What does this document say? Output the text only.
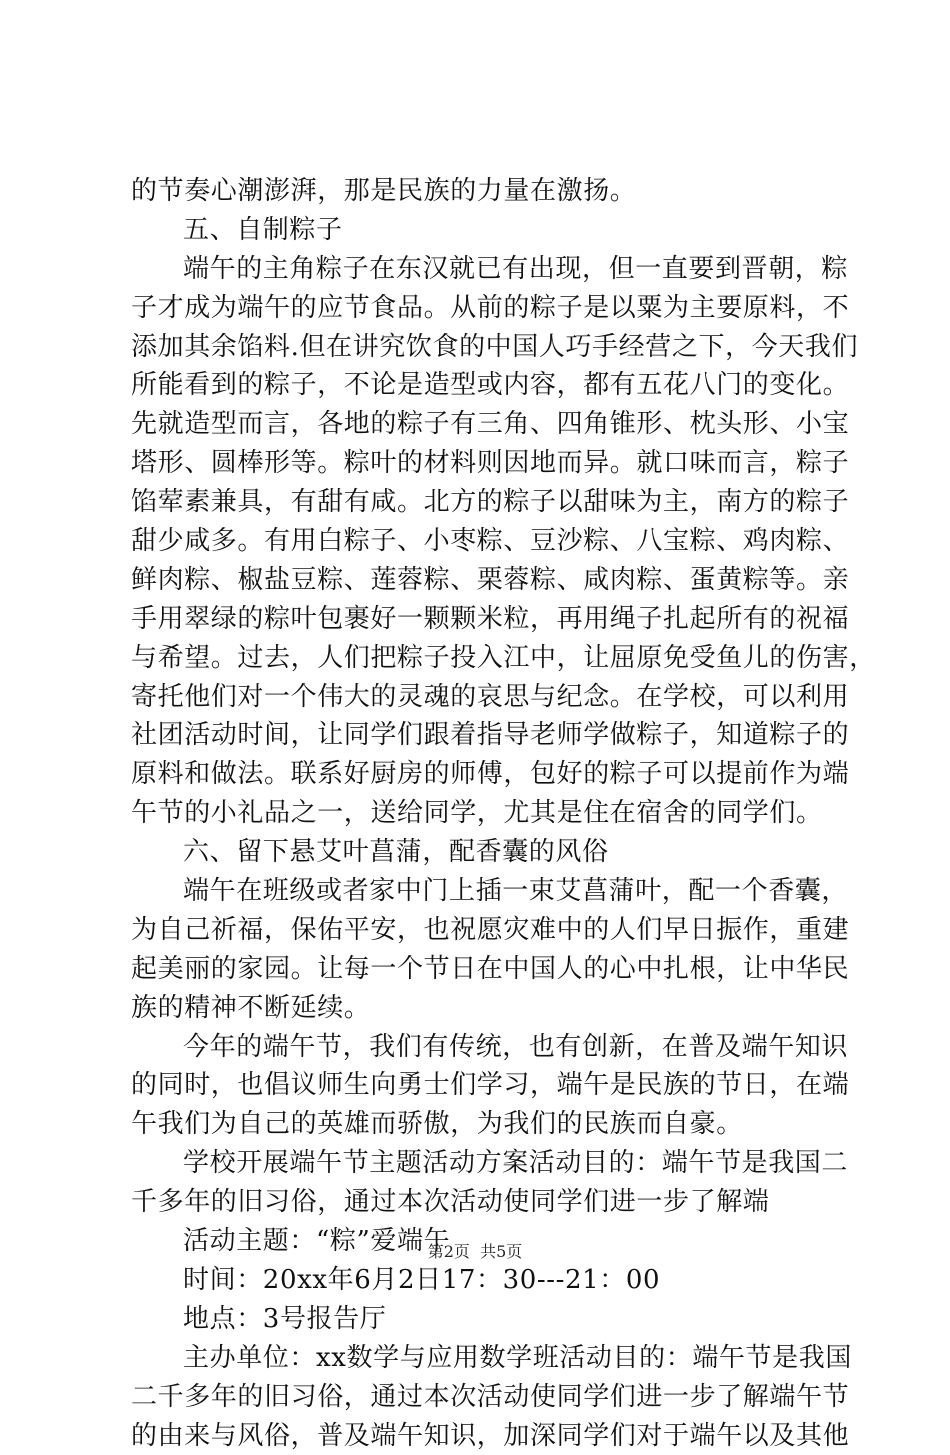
的节奏心潮澎湃，那是民族的力量在激扬。
五、自制粽子
端午的主角粽子在东汉就已有出现，但一直要到晋朝，粽
子才成为端午的应节食品。从前的粽子是以粟为主要原料，不
添加其余馅料.但在讲究饮食的中国人巧手经营之下，今天我们
所能看到的粽子，不论是造型或内容，都有五花八门的变化。
先就造型而言，各地的粽子有三角、四角锥形、枕头形、小宝
塔形、圆棒形等。粽叶的材料则因地而异。就口味而言，粽子
馅荤素兼具，有甜有咸。北方的粽子以甜味为主，南方的粽子
甜少咸多。有用白粽子、小枣粽、豆沙粽、八宝粽、鸡肉粽、
鲜肉粽、椒盐豆粽、莲蓉粽、栗蓉粽、咸肉粽、蛋黄粽等。亲
手用翠绿的粽叶包裹好一颗颗米粒，再用绳子扎起所有的祝福
与希望。过去，人们把粽子投入江中，让屈原免受鱼儿的伤害，
寄托他们对一个伟大的灵魂的哀思与纪念。在学校，可以利用
社团活动时间，让同学们跟着指导老师学做粽子，知道粽子的
原料和做法。联系好厨房的师傅，包好的粽子可以提前作为端
午节的小礼品之一，送给同学，尤其是住在宿舍的同学们。
六、留下悬艾叶菖蒲，配香囊的风俗
端午在班级或者家中门上插一束艾菖蒲叶，配一个香囊，
为自己祈福，保佑平安，也祝愿灾难中的人们早日振作，重建
起美丽的家园。让每一个节日在中国人的心中扎根，让中华民
族的精神不断延续。
今年的端午节，我们有传统，也有创新，在普及端午知识
的同时，也倡议师生向勇士们学习，端午是民族的节日，在端
午我们为自己的英雄而骄傲，为我们的民族而自豪。
学校开展端午节主题活动方案活动目的：端午节是我国二
千多年的旧习俗，通过本次活动使同学们进一步了解端
活动主题：“粽”爱端午
时间：20xx年6月2日17：30---21：00
地点：3号报告厅
主办单位：xx数学与应用数学班活动目的：端午节是我国
二千多年的旧习俗，通过本次活动使同学们进一步了解端午节
的由来与风俗，普及端午知识，加深同学们对于端午以及其他
第2页  共5页
